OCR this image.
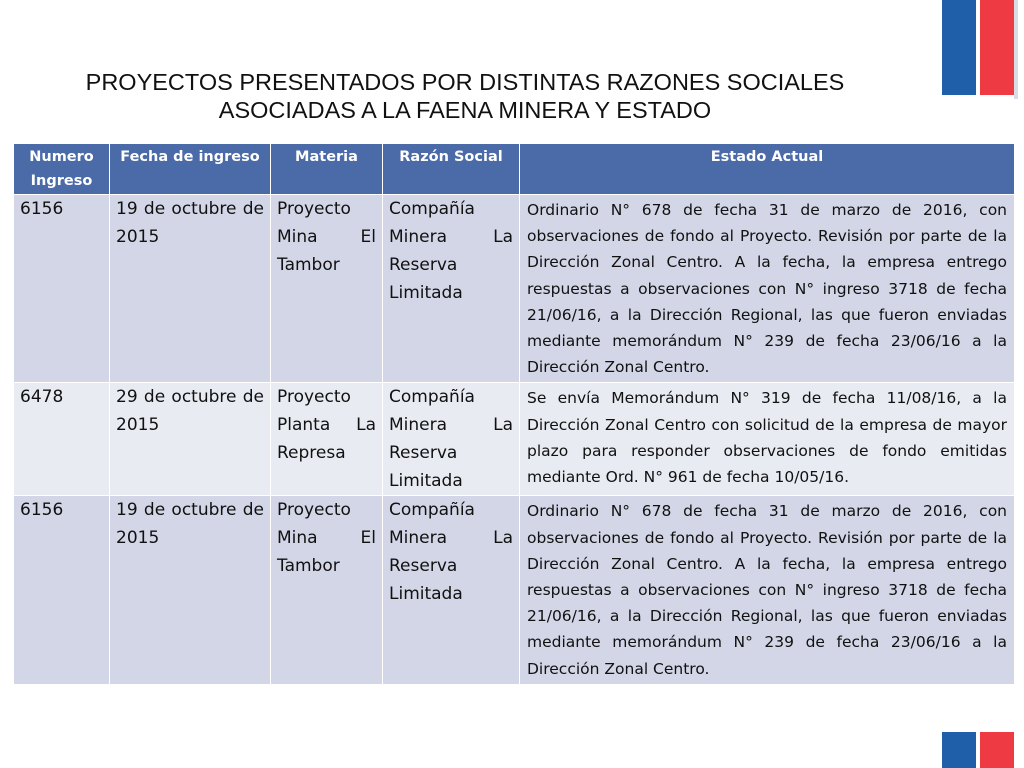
PROYECTOS PRESENTADOS POR DISTINTAS RAZONES SOCIALES
ASOCIADAS A LA FAENA MINERA Y ESTADO
Numero Ingreso	Fecha de ingreso	Materia	Razón Social	Estado Actual
6156	19 de octubre de 2015	Proyecto Mina El Tambor	Compañía Minera La Reserva Limitada	Ordinario N° 678 de fecha 31 de marzo de 2016, con observaciones de fondo al Proyecto. Revisión por parte de la Dirección Zonal Centro. A la fecha, la empresa entrego respuestas a observaciones con N° ingreso 3718 de fecha 21/06/16, a la Dirección Regional, las que fueron enviadas mediante memorándum N° 239 de fecha 23/06/16 a la Dirección Zonal Centro.
6478	29 de octubre de 2015	Proyecto Planta La Represa	Compañía Minera La Reserva Limitada	Se envía Memorándum N° 319 de fecha 11/08/16, a la Dirección Zonal Centro con solicitud de la empresa de mayor plazo para responder observaciones de fondo emitidas mediante Ord. N° 961 de fecha 10/05/16.
6156	19 de octubre de 2015	Proyecto Mina El Tambor	Compañía Minera La Reserva Limitada	Ordinario N° 678 de fecha 31 de marzo de 2016, con observaciones de fondo al Proyecto. Revisión por parte de la Dirección Zonal Centro. A la fecha, la empresa entrego respuestas a observaciones con N° ingreso 3718 de fecha 21/06/16, a la Dirección Regional, las que fueron enviadas mediante memorándum N° 239 de fecha 23/06/16 a la Dirección Zonal Centro.
